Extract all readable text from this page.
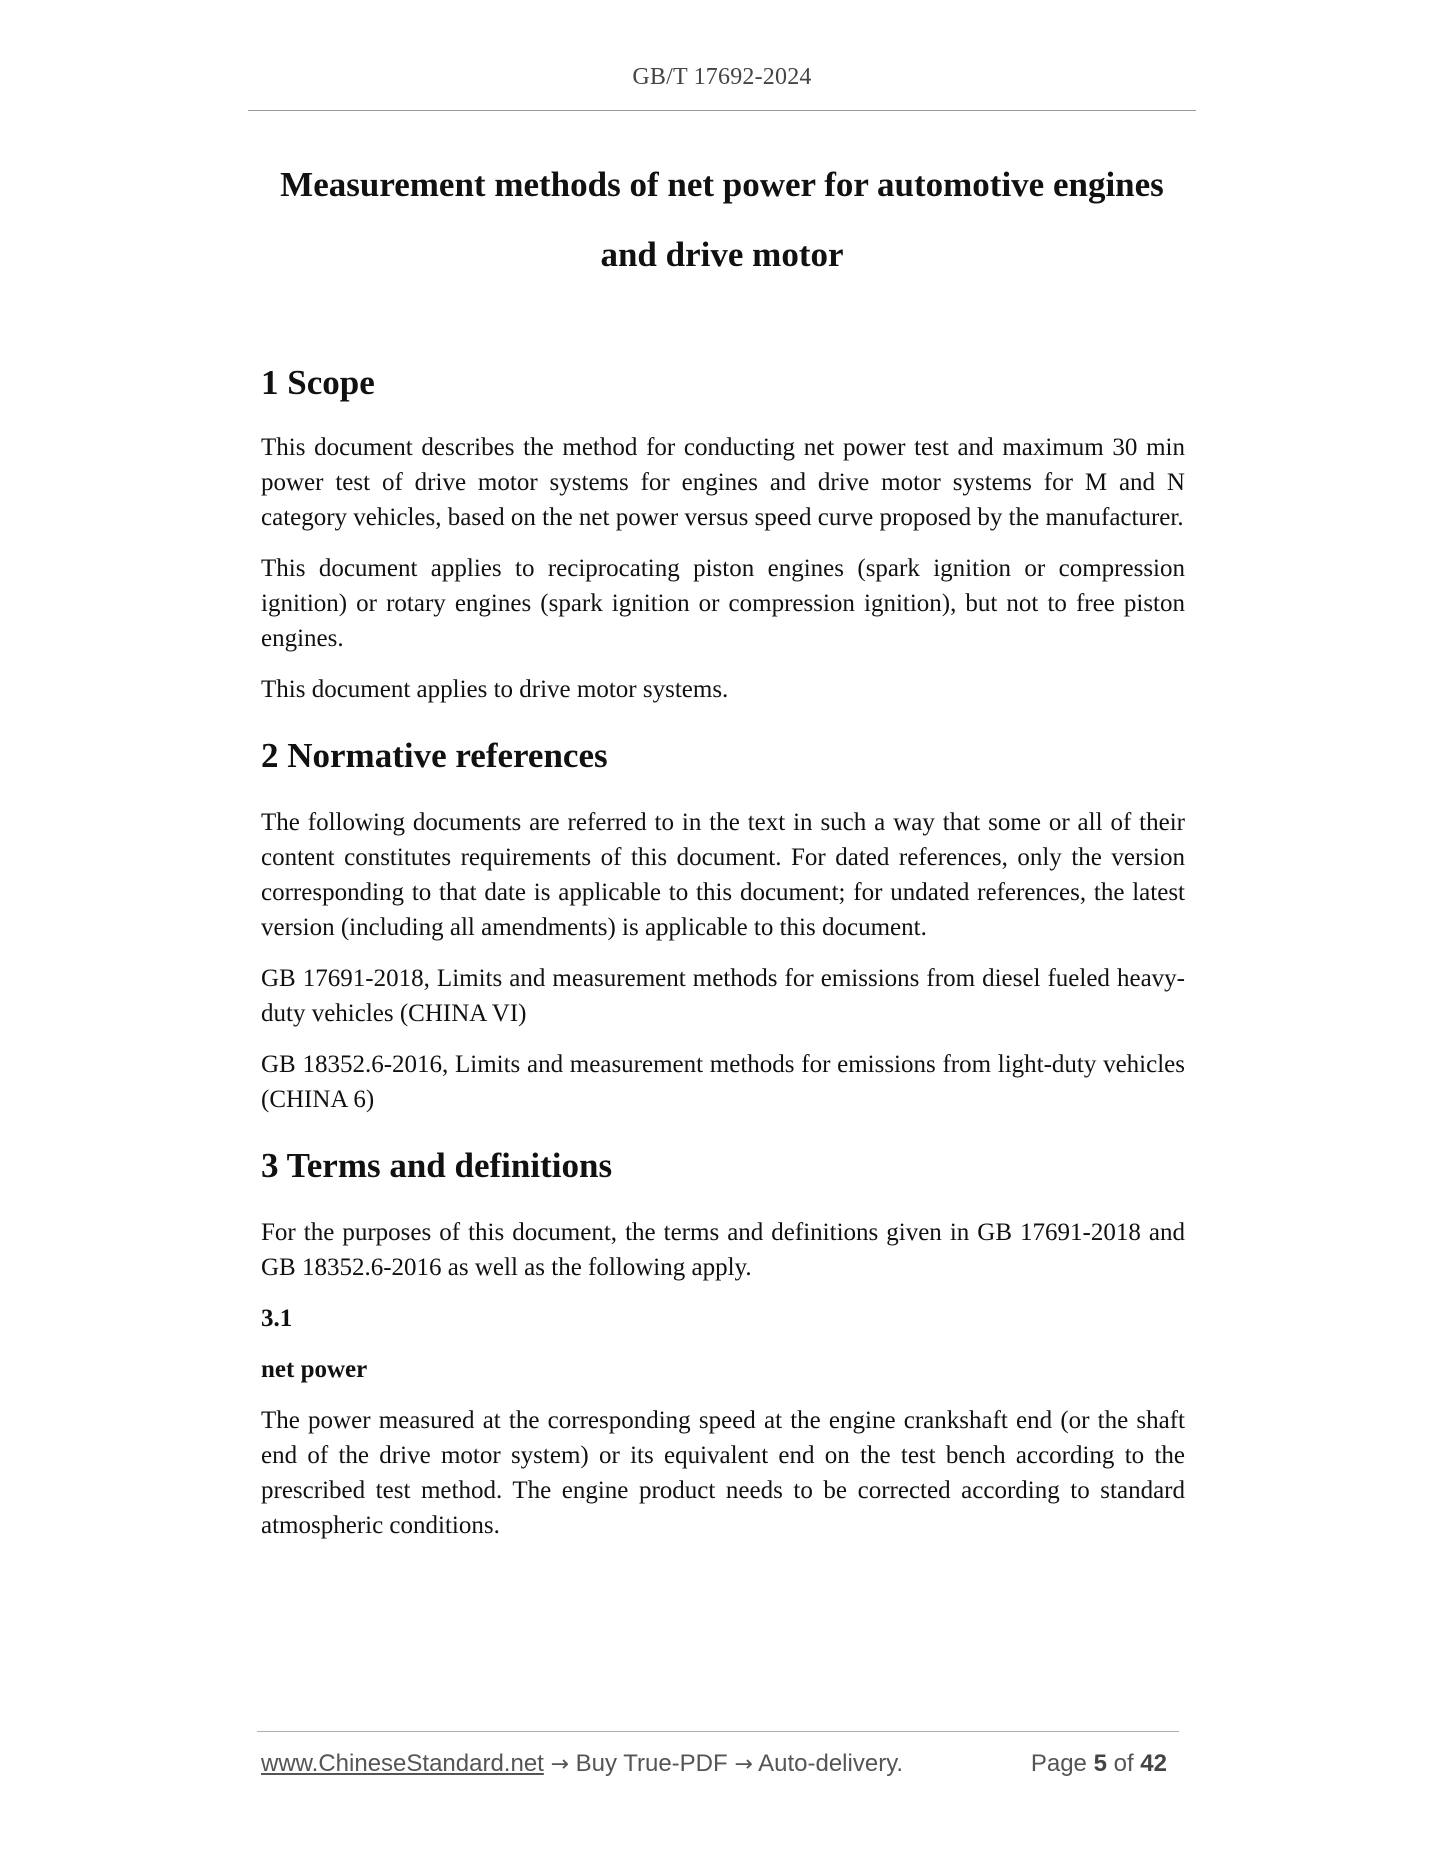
GB/T 17692-2024
Measurement methods of net power for automotive engines
and drive motor
1 Scope

This document describes the method for conducting net power test and maximum 30 min power test of drive motor systems for engines and drive motor systems for M and N category vehicles, based on the net power versus speed curve proposed by the manufacturer.

This document applies to reciprocating piston engines (spark ignition or compression ignition) or rotary engines (spark ignition or compression ignition), but not to free piston engines.

This document applies to drive motor systems.

2 Normative references

The following documents are referred to in the text in such a way that some or all of their content constitutes requirements of this document. For dated references, only the version corresponding to that date is applicable to this document; for undated references, the latest version (including all amendments) is applicable to this document.

GB 17691-2018, Limits and measurement methods for emissions from diesel fueled heavy-duty vehicles (CHINA VI)

GB 18352.6-2016, Limits and measurement methods for emissions from light-duty vehicles (CHINA 6)

3 Terms and definitions

For the purposes of this document, the terms and definitions given in GB 17691-2018 and GB 18352.6-2016 as well as the following apply.

3.1

net power

The power measured at the corresponding speed at the engine crankshaft end (or the shaft end of the drive motor system) or its equivalent end on the test bench according to the prescribed test method. The engine product needs to be corrected according to standard atmospheric conditions.

www.ChineseStandard.net → Buy True-PDF → Auto-delivery.	Page 5 of 42
